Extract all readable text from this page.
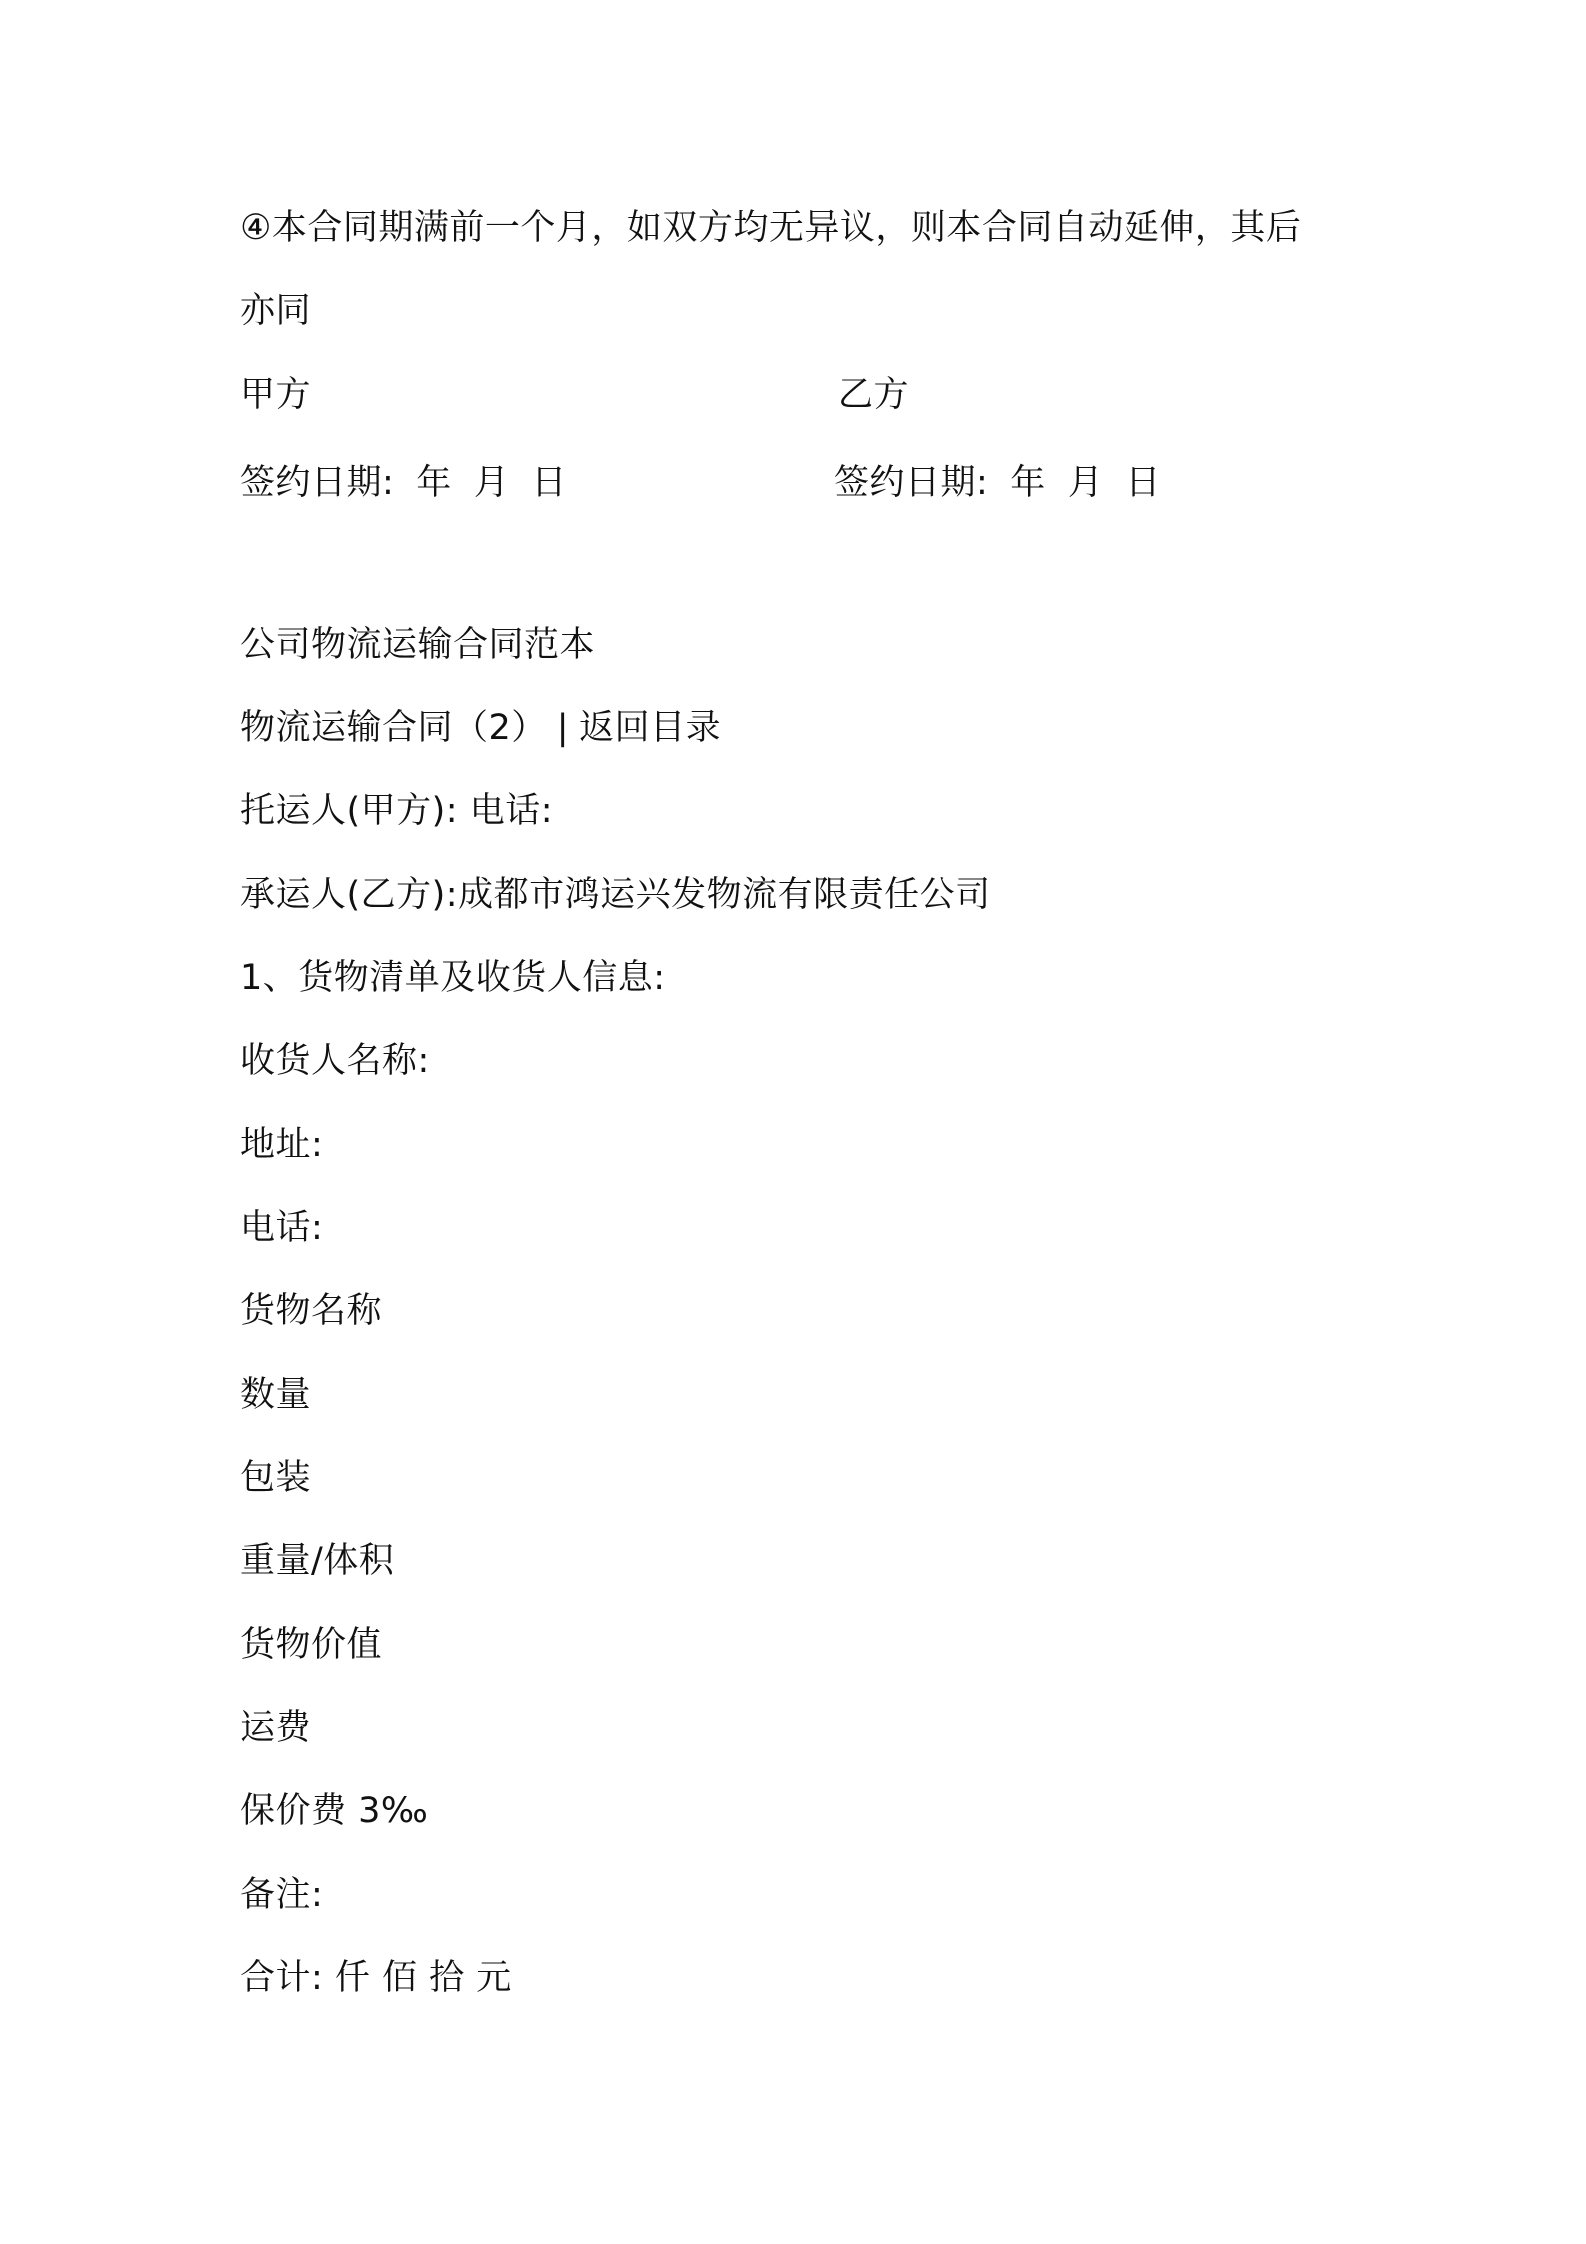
④本合同期满前一个月，如双方均无异议，则本合同自动延伸，其后
亦同
甲方	乙方
签约日期: 年 月 日	签约日期: 年 月 日
公司物流运输合同范本
物流运输合同（2） | 返回目录
托运人(甲方): 电话:
承运人(乙方):成都市鸿运兴发物流有限责任公司
1、货物清单及收货人信息:
收货人名称:
地址:
电话:
货物名称
数量
包装
重量/体积
货物价值
运费
保价费 3‰
备注:
合计: 仟 佰 拾 元
